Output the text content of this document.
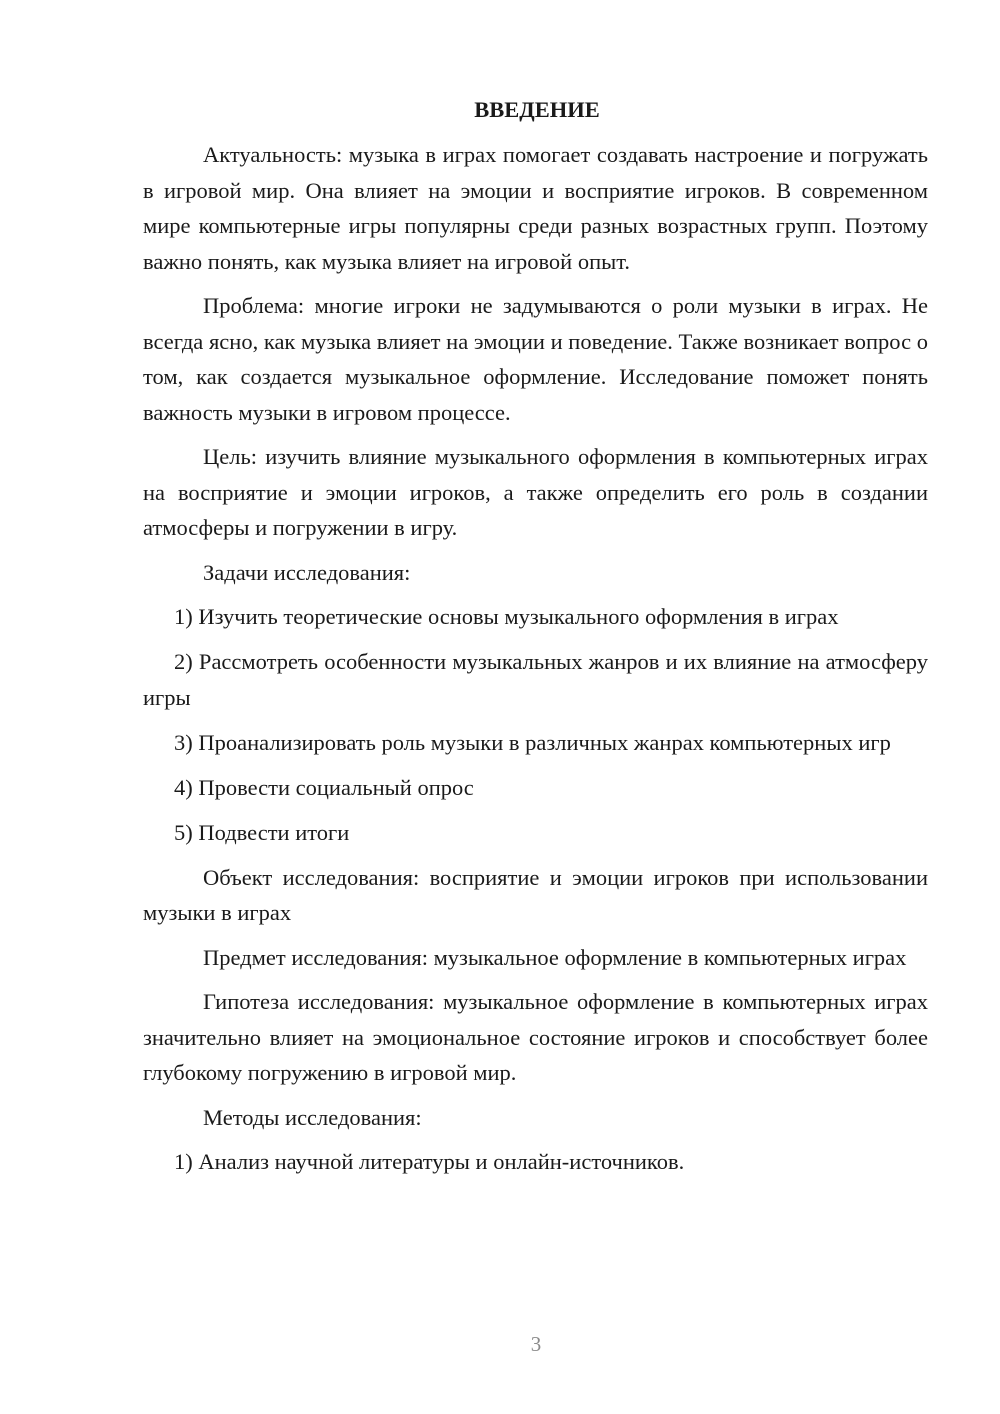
ВВЕДЕНИЕ

Актуальность: музыка в играх помогает создавать настроение и погружать в игровой мир. Она влияет на эмоции и восприятие игроков. В современном мире компьютерные игры популярны среди разных возрастных групп. Поэтому важно понять, как музыка влияет на игровой опыт.

Проблема: многие игроки не задумываются о роли музыки в играх. Не всегда ясно, как музыка влияет на эмоции и поведение. Также возникает вопрос о том, как создается музыкальное оформление. Исследование поможет понять важность музыки в игровом процессе.

Цель: изучить влияние музыкального оформления в компьютерных играх на восприятие и эмоции игроков, а также определить его роль в создании атмосферы и погружении в игру.

Задачи исследования:

1) Изучить теоретические основы музыкального оформления в играх

2) Рассмотреть особенности музыкальных жанров и их влияние на атмосферу игры

3) Проанализировать роль музыки в различных жанрах компьютерных игр

4) Провести социальный опрос

5) Подвести итоги

Объект исследования: восприятие и эмоции игроков при использовании музыки в играх

Предмет исследования: музыкальное оформление в компьютерных играх

Гипотеза исследования: музыкальное оформление в компьютерных играх значительно влияет на эмоциональное состояние игроков и способствует более глубокому погружению в игровой мир.

Методы исследования:

1) Анализ научной литературы и онлайн-источников.

3
